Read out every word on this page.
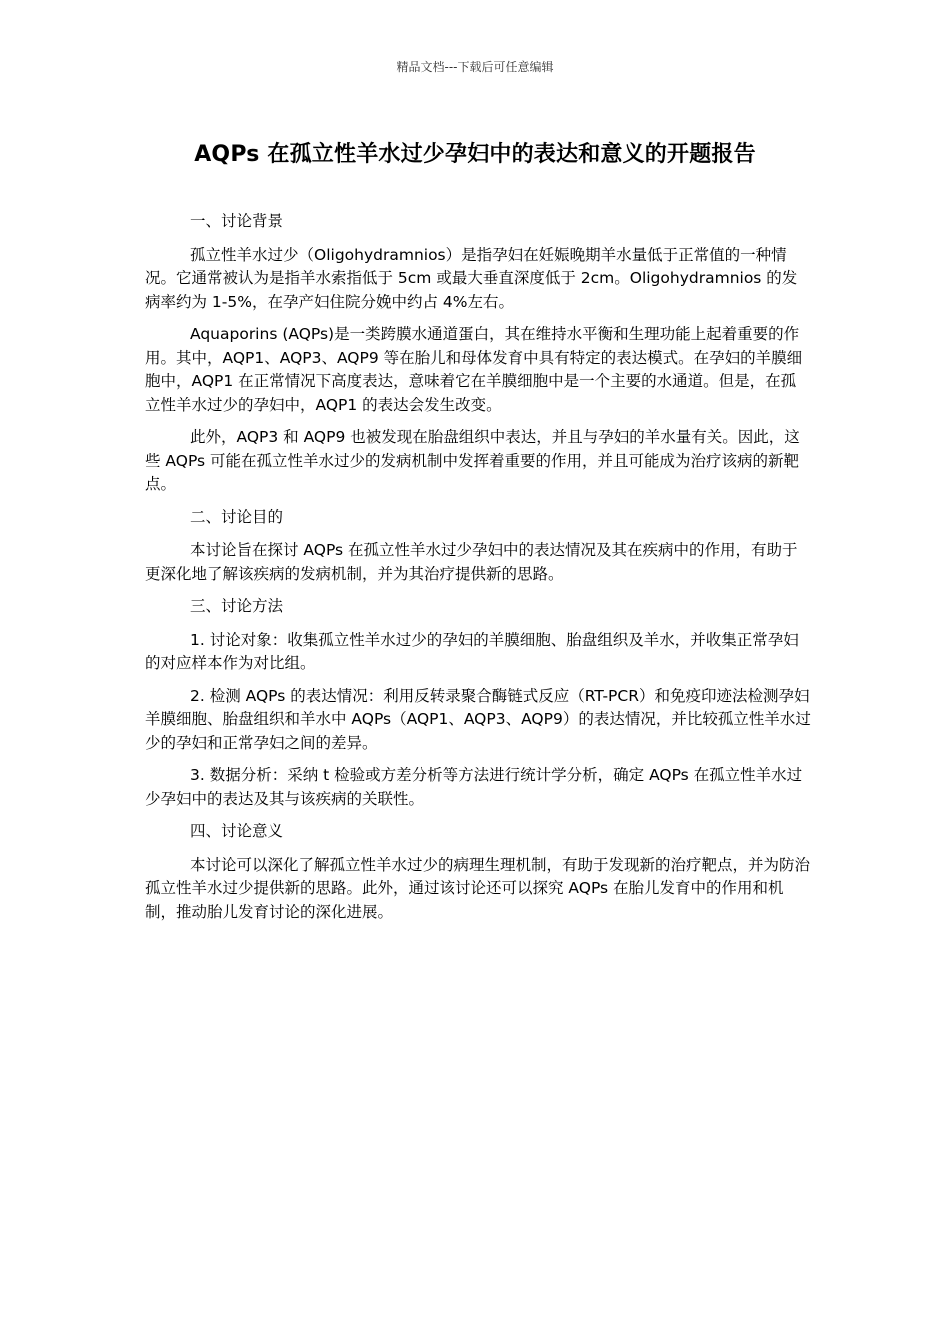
精品文档---下载后可任意编辑
AQPs 在孤立性羊水过少孕妇中的表达和意义的开题报告

一、讨论背景

孤立性羊水过少（Oligohydramnios）是指孕妇在妊娠晚期羊水量低于正常值的一种情况。它通常被认为是指羊水索指低于 5cm 或最大垂直深度低于 2cm。Oligohydramnios 的发病率约为 1-5%，在孕产妇住院分娩中约占 4%左右。

Aquaporins (AQPs)是一类跨膜水通道蛋白，其在维持水平衡和生理功能上起着重要的作用。其中，AQP1、AQP3、AQP9 等在胎儿和母体发育中具有特定的表达模式。在孕妇的羊膜细胞中，AQP1 在正常情况下高度表达，意味着它在羊膜细胞中是一个主要的水通道。但是，在孤立性羊水过少的孕妇中，AQP1 的表达会发生改变。

此外，AQP3 和 AQP9 也被发现在胎盘组织中表达，并且与孕妇的羊水量有关。因此，这些 AQPs 可能在孤立性羊水过少的发病机制中发挥着重要的作用，并且可能成为治疗该病的新靶点。

二、讨论目的

本讨论旨在探讨 AQPs 在孤立性羊水过少孕妇中的表达情况及其在疾病中的作用，有助于更深化地了解该疾病的发病机制，并为其治疗提供新的思路。

三、讨论方法

1. 讨论对象：收集孤立性羊水过少的孕妇的羊膜细胞、胎盘组织及羊水，并收集正常孕妇的对应样本作为对比组。

2. 检测 AQPs 的表达情况：利用反转录聚合酶链式反应（RT-PCR）和免疫印迹法检测孕妇羊膜细胞、胎盘组织和羊水中 AQPs（AQP1、AQP3、AQP9）的表达情况，并比较孤立性羊水过少的孕妇和正常孕妇之间的差异。

3. 数据分析：采纳 t 检验或方差分析等方法进行统计学分析，确定 AQPs 在孤立性羊水过少孕妇中的表达及其与该疾病的关联性。

四、讨论意义

本讨论可以深化了解孤立性羊水过少的病理生理机制，有助于发现新的治疗靶点，并为防治孤立性羊水过少提供新的思路。此外，通过该讨论还可以探究 AQPs 在胎儿发育中的作用和机制，推动胎儿发育讨论的深化进展。
